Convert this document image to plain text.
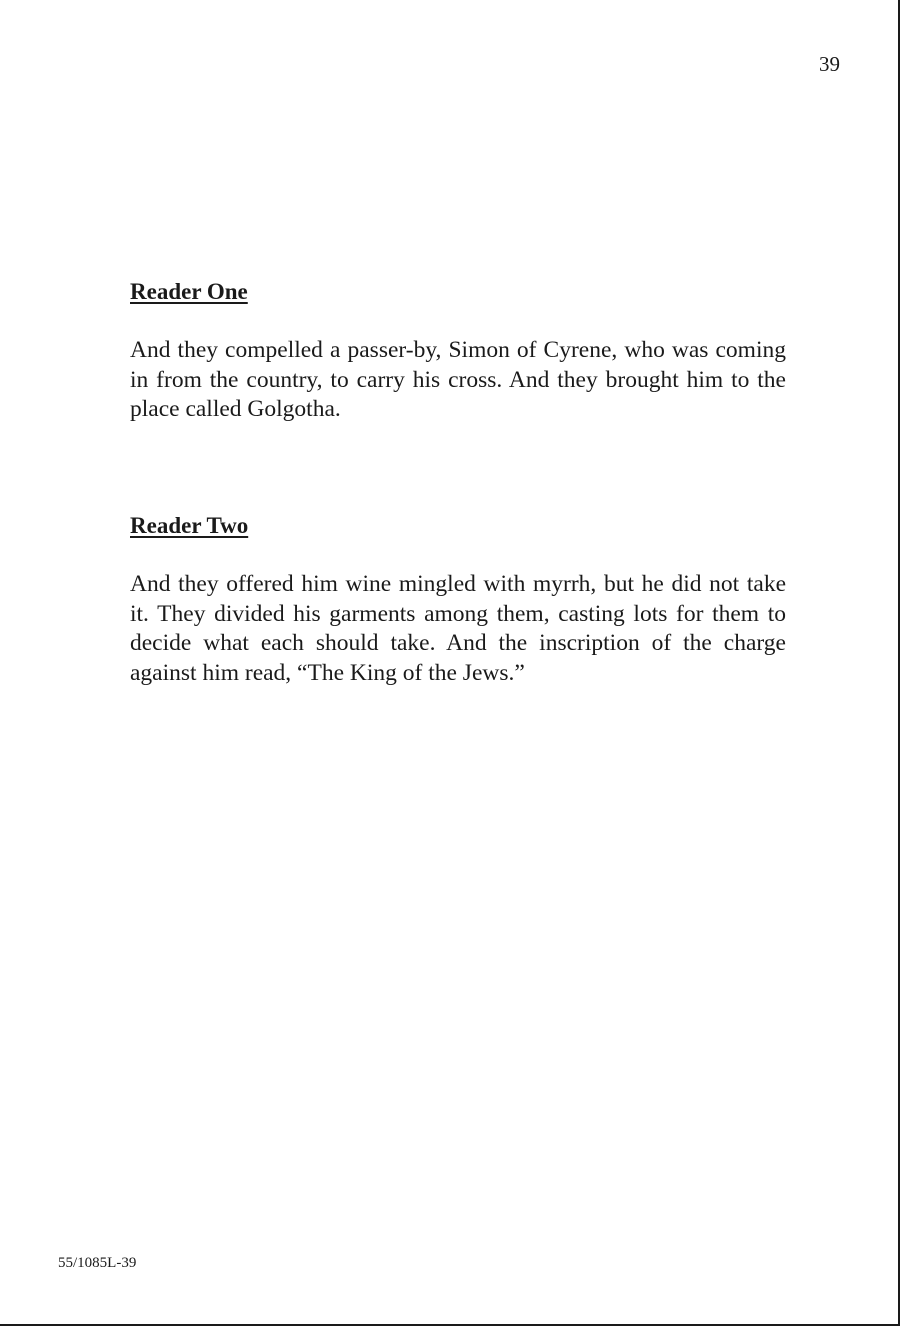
39

Reader One

And they compelled a passer-by, Simon of Cyrene, who was coming in from the country, to carry his cross. And they brought him to the place called Golgotha.

Reader Two

And they offered him wine mingled with myrrh, but he did not take it. They divided his garments among them, casting lots for them to decide what each should take. And the inscription of the charge against him read, “The King of the Jews.”

55/1085L-39
